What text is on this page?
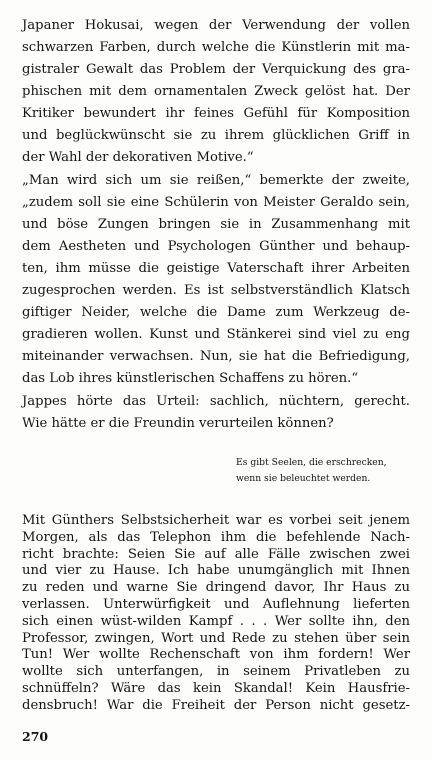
Japaner Hokusai, wegen der Verwendung der vollen
schwarzen Farben, durch welche die Künstlerin mit ma-
gistraler Gewalt das Problem der Verquickung des gra-
phischen mit dem ornamentalen Zweck gelöst hat. Der
Kritiker bewundert ihr feines Gefühl für Komposition
und beglückwünscht sie zu ihrem glücklichen Griff in
der Wahl der dekorativen Motive.“
„Man wird sich um sie reißen,“ bemerkte der zweite,
„zudem soll sie eine Schülerin von Meister Geraldo sein,
und böse Zungen bringen sie in Zusammenhang mit
dem Aestheten und Psychologen Günther und behaup-
ten, ihm müsse die geistige Vaterschaft ihrer Arbeiten
zugesprochen werden. Es ist selbstverständlich Klatsch
giftiger Neider, welche die Dame zum Werkzeug de-
gradieren wollen. Kunst und Stänkerei sind viel zu eng
miteinander verwachsen. Nun, sie hat die Befriedigung,
das Lob ihres künstlerischen Schaffens zu hören.“
Jappes hörte das Urteil: sachlich, nüchtern, gerecht.
Wie hätte er die Freundin verurteilen können?
Es gibt Seelen, die erschrecken,
wenn sie beleuchtet werden.
Mit Günthers Selbstsicherheit war es vorbei seit jenem
Morgen, als das Telephon ihm die befehlende Nach-
richt brachte: Seien Sie auf alle Fälle zwischen zwei
und vier zu Hause. Ich habe unumgänglich mit Ihnen
zu reden und warne Sie dringend davor, Ihr Haus zu
verlassen. Unterwürfigkeit und Auflehnung lieferten
sich einen wüst-wilden Kampf . . . Wer sollte ihn, den
Professor, zwingen, Wort und Rede zu stehen über sein
Tun! Wer wollte Rechenschaft von ihm fordern! Wer
wollte sich unterfangen, in seinem Privatleben zu
schnüffeln? Wäre das kein Skandal! Kein Hausfrie-
densbruch! War die Freiheit der Person nicht gesetz-
270
